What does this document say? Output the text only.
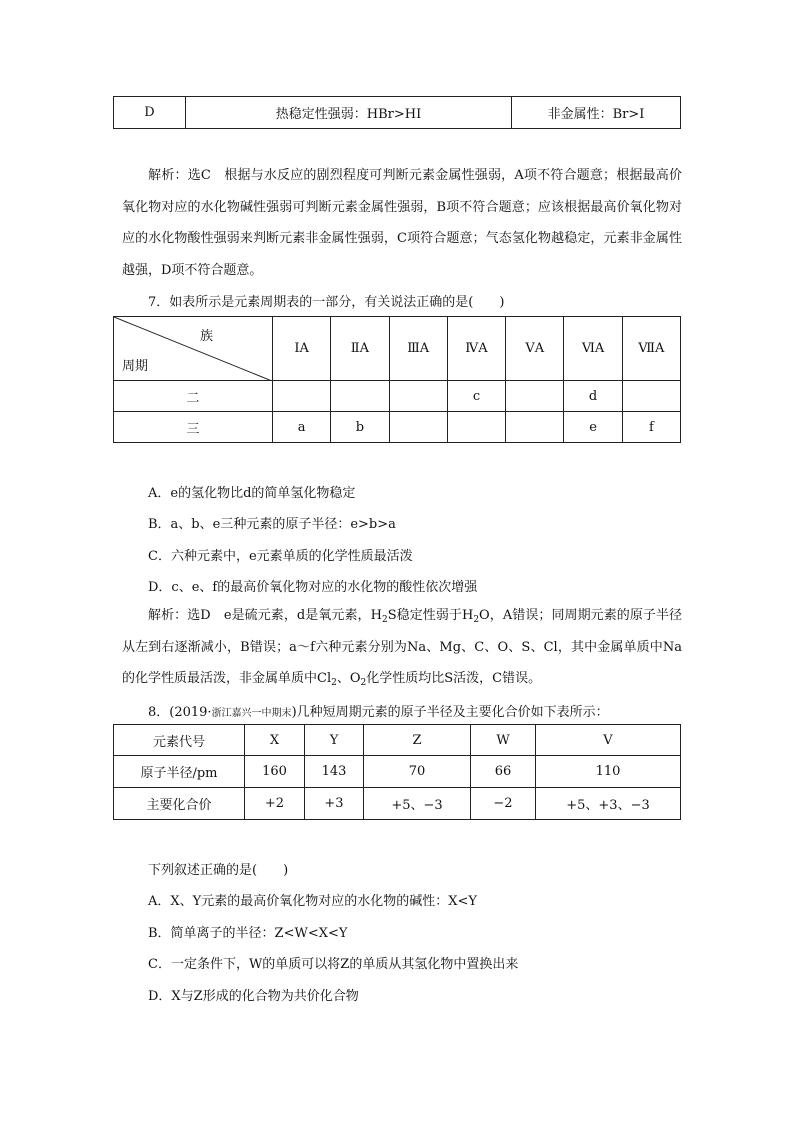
D	热稳定性强弱：HBr>HI	非金属性：Br>I
解析：选C　根据与水反应的剧烈程度可判断元素金属性强弱，A项不符合题意；根据最高价氧化物对应的水化物碱性强弱可判断元素金属性强弱，B项不符合题意；应该根据最高价氧化物对应的水化物酸性强弱来判断元素非金属性强弱，C项符合题意；气态氢化物越稳定，元素非金属性越强，D项不符合题意。
7．如表所示是元素周期表的一部分，有关说法正确的是(　　)
族
周期	ⅠA	ⅡA	ⅢA	ⅣA	ⅤA	ⅥA	ⅦA
二				c		d	
三	a	b				e	f
A．e的氢化物比d的简单氢化物稳定
B．a、b、e三种元素的原子半径：e>b>a
C．六种元素中，e元素单质的化学性质最活泼
D．c、e、f的最高价氧化物对应的水化物的酸性依次增强
解析：选D　e是硫元素，d是氧元素，$H_2S$稳定性弱于$H_2O$，A错误；同周期元素的原子半径从左到右逐渐减小，B错误；a～f六种元素分别为Na、Mg、C、O、S、Cl，其中金属单质中Na的化学性质最活泼，非金属单质中$Cl_2$、$O_2$化学性质均比S活泼，C错误。
8．(2019·浙江嘉兴一中期末)几种短周期元素的原子半径及主要化合价如下表所示：
元素代号	X	Y	Z	W	V
原子半径/pm	160	143	70	66	110
主要化合价	+2	+3	+5、−3	−2	+5、+3、−3
下列叙述正确的是(　　)
A．X、Y元素的最高价氧化物对应的水化物的碱性：X<Y
B．简单离子的半径：Z<W<X<Y
C．一定条件下，W的单质可以将Z的单质从其氢化物中置换出来
D．X与Z形成的化合物为共价化合物
